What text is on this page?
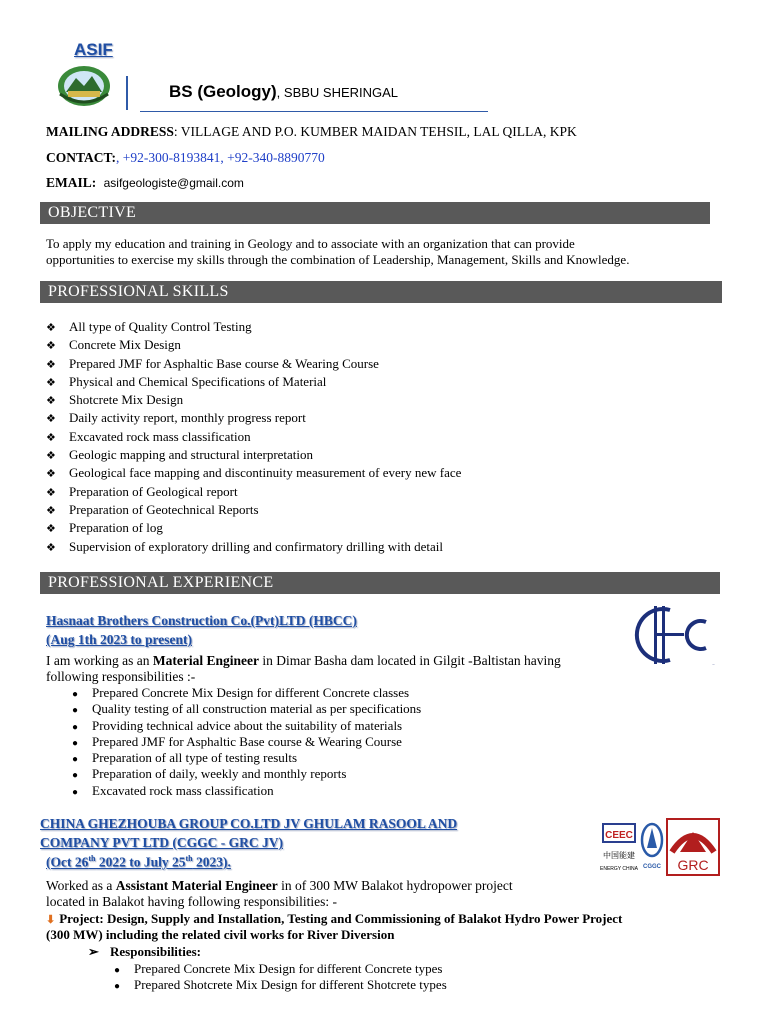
ASIF
BS (Geology), SBBU SHERINGAL
MAILING ADDRESS: VILLAGE AND P.O. KUMBER MAIDAN TEHSIL, LAL QILLA, KPK
CONTACT:, +92-300-8193841, +92-340-8890770
EMAIL: asifgeologiste@gmail.com
OBJECTIVE
To apply my education and training in Geology and to associate with an organization that can provide
opportunities to exercise my skills through the combination of Leadership, Management, Skills and Knowledge.
PROFESSIONAL SKILLS
❖ All type of Quality Control Testing
❖ Concrete Mix Design
❖ Prepared JMF for Asphaltic Base course & Wearing Course
❖ Physical and Chemical Specifications of Material
❖ Shotcrete Mix Design
❖ Daily activity report, monthly progress report
❖ Excavated rock mass classification
❖ Geologic mapping and structural interpretation
❖ Geological face mapping and discontinuity measurement of every new face
❖ Preparation of Geological report
❖ Preparation of Geotechnical Reports
❖ Preparation of log
❖ Supervision of exploratory drilling and confirmatory drilling with detail
PROFESSIONAL EXPERIENCE
Hasnaat Brothers Construction Co.(Pvt)LTD (HBCC)
(Aug 1th 2023 to present)
HBCC
I am working as an Material Engineer in Dimar Basha dam located in Gilgit -Baltistan having
following responsibilities :-
● Prepared Concrete Mix Design for different Concrete classes
● Quality testing of all construction material as per specifications
● Providing technical advice about the suitability of materials
● Prepared JMF for Asphaltic Base course & Wearing Course
● Preparation of all type of testing results
● Preparation of daily, weekly and monthly reports
● Excavated rock mass classification
CHINA GHEZHOUBA GROUP CO.LTD JV GHULAM RASOOL AND
COMPANY PVT LTD (CGGC - GRC JV)
(Oct 26th 2022 to July 25th 2023).
CEEC
中国能建
ENERGY CHINA CGGC GRC
Worked as a Assistant Material Engineer in of 300 MW Balakot hydropower project
located in Balakot having following responsibilities: -
⬇ Project: Design, Supply and Installation, Testing and Commissioning of Balakot Hydro Power Project
(300 MW) including the related civil works for River Diversion
➢ Responsibilities:
● Prepared Concrete Mix Design for different Concrete types
● Prepared Shotcrete Mix Design for different Shotcrete types
